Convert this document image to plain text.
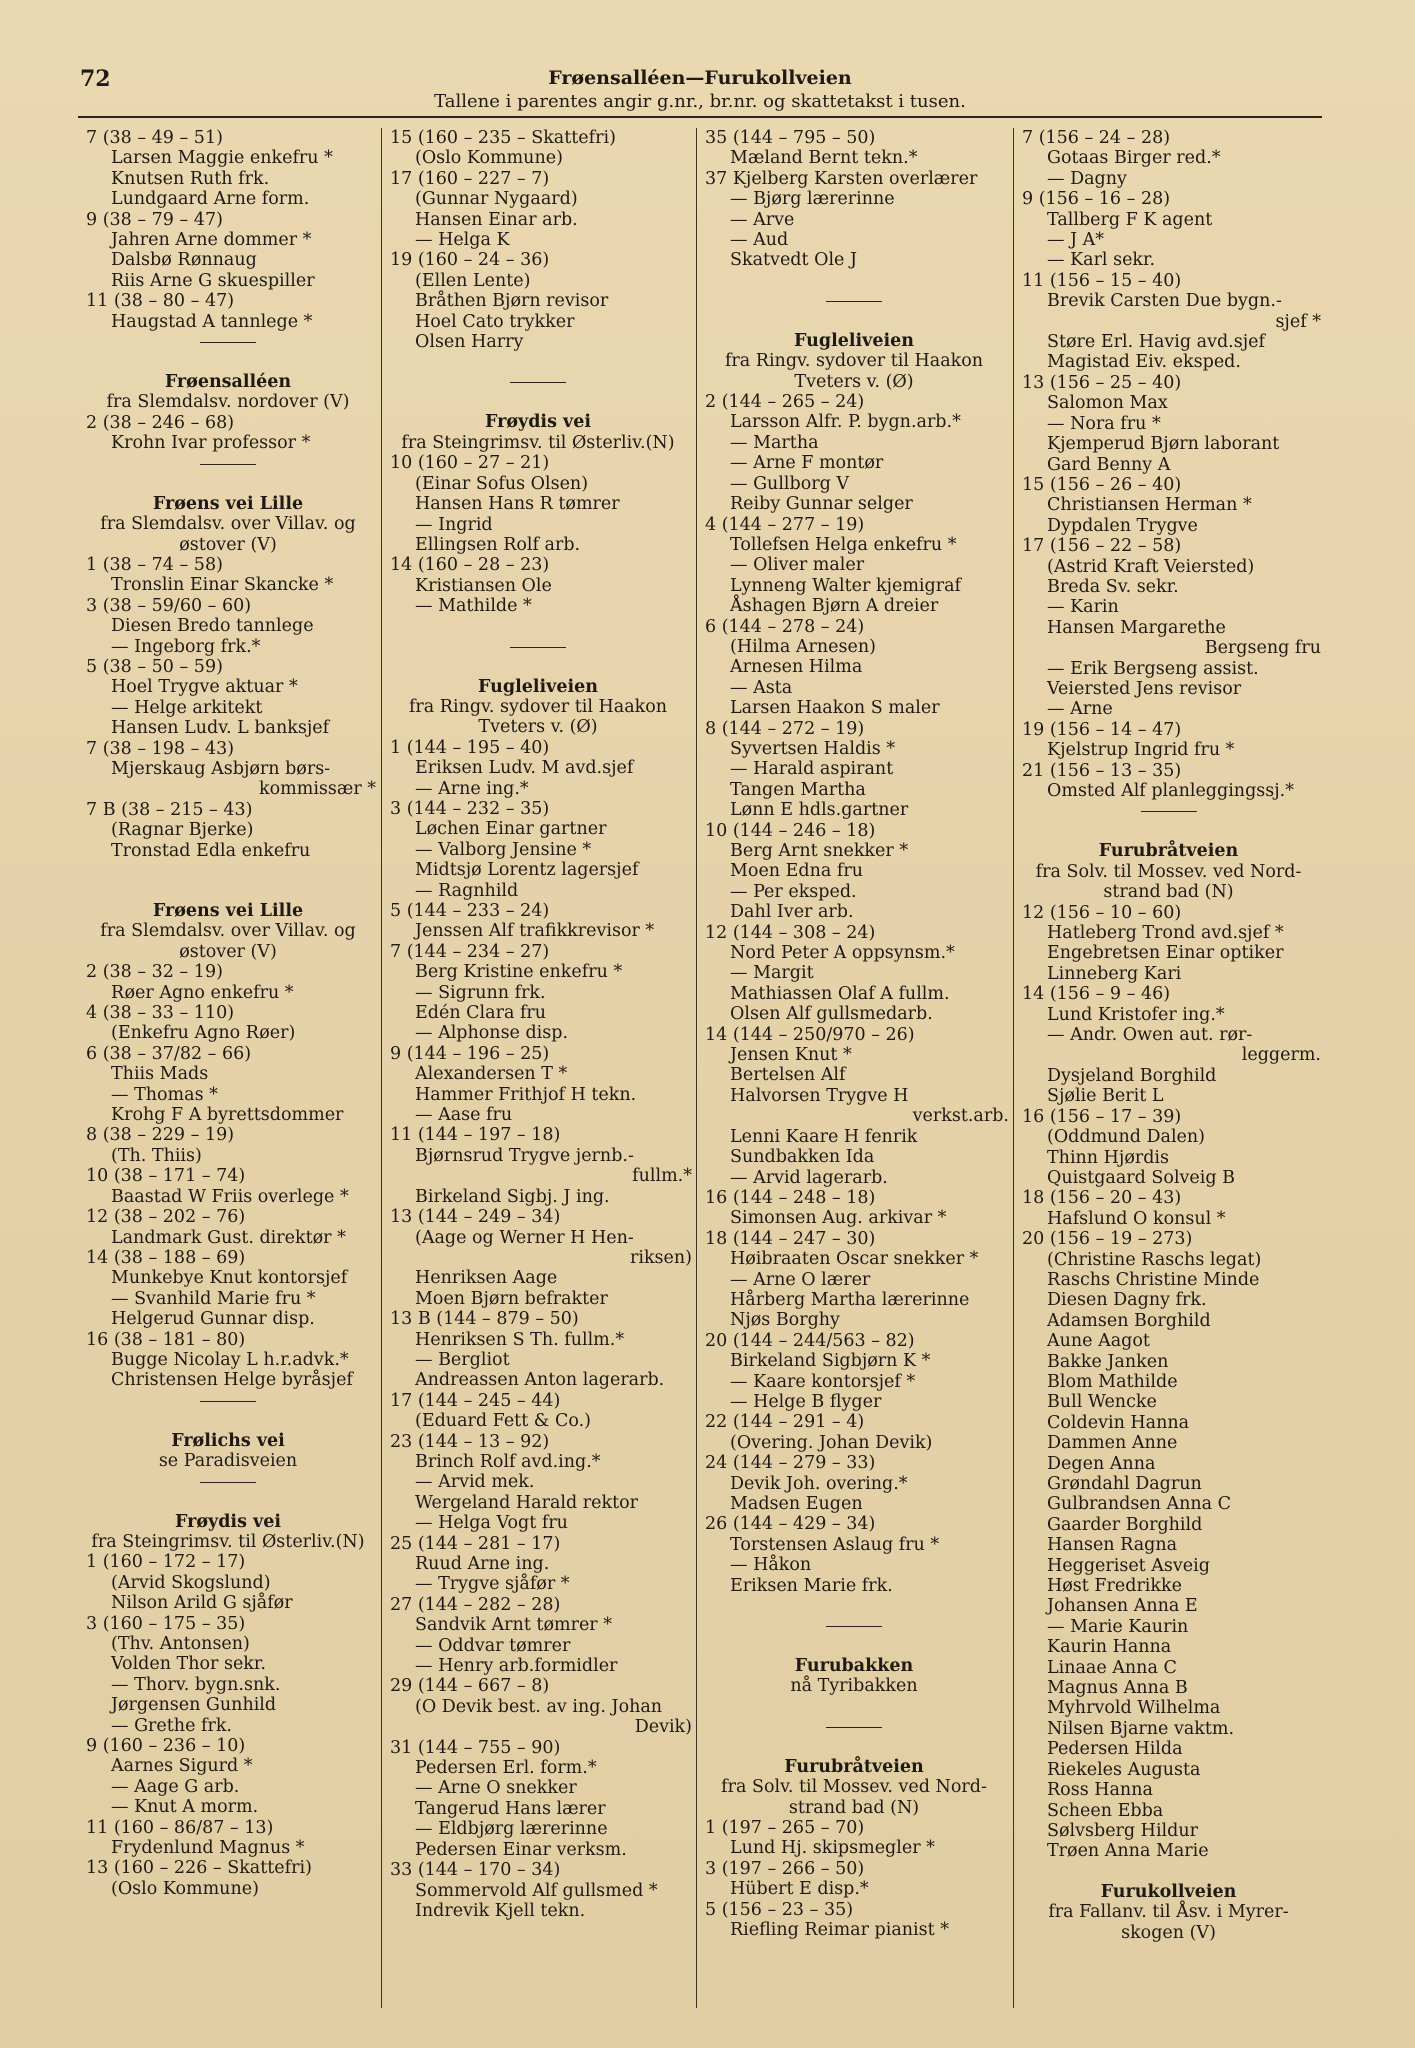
72	Frøensalléen—Furukollveien
Tallene i parentes angir g.nr., br.nr. og skattetakst i tusen.
7 (38 – 49 – 51)
Larsen Maggie enkefru *
Knutsen Ruth frk.
Lundgaard Arne form.
9 (38 – 79 – 47)
Jahren Arne dommer *
Dalsbø Rønnaug
Riis Arne G skuespiller
11 (38 – 80 – 47)
Haugstad A tannlege *
Frøensalléen
fra Slemdalsv. nordover (V)
2 (38 – 246 – 68)
Krohn Ivar professor *
Frøens vei Lille
fra Slemdalsv. over Villav. og
østover (V)
1 (38 – 74 – 58)
Tronslin Einar Skancke *
3 (38 – 59/60 – 60)
Diesen Bredo tannlege
— Ingeborg frk.*
5 (38 – 50 – 59)
Hoel Trygve aktuar *
— Helge arkitekt
Hansen Ludv. L banksjef
7 (38 – 198 – 43)
Mjerskaug Asbjørn børs-
kommissær *
7 B (38 – 215 – 43)
(Ragnar Bjerke)
Tronstad Edla enkefru
Frøens vei Lille
fra Slemdalsv. over Villav. og
østover (V)
2 (38 – 32 – 19)
Røer Agno enkefru *
4 (38 – 33 – 110)
(Enkefru Agno Røer)
6 (38 – 37/82 – 66)
Thiis Mads
— Thomas *
Krohg F A byrettsdommer
8 (38 – 229 – 19)
(Th. Thiis)
10 (38 – 171 – 74)
Baastad W Friis overlege *
12 (38 – 202 – 76)
Landmark Gust. direktør *
14 (38 – 188 – 69)
Munkebye Knut kontorsjef
— Svanhild Marie fru *
Helgerud Gunnar disp.
16 (38 – 181 – 80)
Bugge Nicolay L h.r.advk.*
Christensen Helge byråsjef
Frølichs vei
se Paradisveien
Frøydis vei
fra Steingrimsv. til Østerliv.(N)
1 (160 – 172 – 17)
(Arvid Skogslund)
Nilson Arild G sjåfør
3 (160 – 175 – 35)
(Thv. Antonsen)
Volden Thor sekr.
— Thorv. bygn.snk.
Jørgensen Gunhild
— Grethe frk.
9 (160 – 236 – 10)
Aarnes Sigurd *
— Aage G arb.
— Knut A morm.
11 (160 – 86/87 – 13)
Frydenlund Magnus *
13 (160 – 226 – Skattefri)
(Oslo Kommune)
15 (160 – 235 – Skattefri)
(Oslo Kommune)
17 (160 – 227 – 7)
(Gunnar Nygaard)
Hansen Einar arb.
— Helga K
19 (160 – 24 – 36)
(Ellen Lente)
Bråthen Bjørn revisor
Hoel Cato trykker
Olsen Harry
Frøydis vei
fra Steingrimsv. til Østerliv.(N)
10 (160 – 27 – 21)
(Einar Sofus Olsen)
Hansen Hans R tømrer
— Ingrid
Ellingsen Rolf arb.
14 (160 – 28 – 23)
Kristiansen Ole
— Mathilde *
Fugleliveien
fra Ringv. sydover til Haakon
Tveters v. (Ø)
1 (144 – 195 – 40)
Eriksen Ludv. M avd.sjef
— Arne ing.*
3 (144 – 232 – 35)
Løchen Einar gartner
— Valborg Jensine *
Midtsjø Lorentz lagersjef
— Ragnhild
5 (144 – 233 – 24)
Jenssen Alf trafikkrevisor *
7 (144 – 234 – 27)
Berg Kristine enkefru *
— Sigrunn frk.
Edén Clara fru
— Alphonse disp.
9 (144 – 196 – 25)
Alexandersen T *
Hammer Frithjof H tekn.
— Aase fru
11 (144 – 197 – 18)
Bjørnsrud Trygve jernb.-
fullm.*
Birkeland Sigbj. J ing.
13 (144 – 249 – 34)
(Aage og Werner H Hen-
riksen)
Henriksen Aage
Moen Bjørn befrakter
13 B (144 – 879 – 50)
Henriksen S Th. fullm.*
— Bergliot
Andreassen Anton lagerarb.
17 (144 – 245 – 44)
(Eduard Fett & Co.)
23 (144 – 13 – 92)
Brinch Rolf avd.ing.*
— Arvid mek.
Wergeland Harald rektor
— Helga Vogt fru
25 (144 – 281 – 17)
Ruud Arne ing.
— Trygve sjåfør *
27 (144 – 282 – 28)
Sandvik Arnt tømrer *
— Oddvar tømrer
— Henry arb.formidler
29 (144 – 667 – 8)
(O Devik best. av ing. Johan
Devik)
31 (144 – 755 – 90)
Pedersen Erl. form.*
— Arne O snekker
Tangerud Hans lærer
— Eldbjørg lærerinne
Pedersen Einar verksm.
33 (144 – 170 – 34)
Sommervold Alf gullsmed *
Indrevik Kjell tekn.
35 (144 – 795 – 50)
Mæland Bernt tekn.*
37 Kjelberg Karsten overlærer
— Bjørg lærerinne
— Arve
— Aud
Skatvedt Ole J
Fugleliveien
fra Ringv. sydover til Haakon
Tveters v. (Ø)
2 (144 – 265 – 24)
Larsson Alfr. P. bygn.arb.*
— Martha
— Arne F montør
— Gullborg V
Reiby Gunnar selger
4 (144 – 277 – 19)
Tollefsen Helga enkefru *
— Oliver maler
Lynneng Walter kjemigraf
Åshagen Bjørn A dreier
6 (144 – 278 – 24)
(Hilma Arnesen)
Arnesen Hilma
— Asta
Larsen Haakon S maler
8 (144 – 272 – 19)
Syvertsen Haldis *
— Harald aspirant
Tangen Martha
Lønn E hdls.gartner
10 (144 – 246 – 18)
Berg Arnt snekker *
Moen Edna fru
— Per eksped.
Dahl Iver arb.
12 (144 – 308 – 24)
Nord Peter A oppsynsm.*
— Margit
Mathiassen Olaf A fullm.
Olsen Alf gullsmedarb.
14 (144 – 250/970 – 26)
Jensen Knut *
Bertelsen Alf
Halvorsen Trygve H
verkst.arb.
Lenni Kaare H fenrik
Sundbakken Ida
— Arvid lagerarb.
16 (144 – 248 – 18)
Simonsen Aug. arkivar *
18 (144 – 247 – 30)
Høibraaten Oscar snekker *
— Arne O lærer
Hårberg Martha lærerinne
Njøs Borghy
20 (144 – 244/563 – 82)
Birkeland Sigbjørn K *
— Kaare kontorsjef *
— Helge B flyger
22 (144 – 291 – 4)
(Overing. Johan Devik)
24 (144 – 279 – 33)
Devik Joh. overing.*
Madsen Eugen
26 (144 – 429 – 34)
Torstensen Aslaug fru *
— Håkon
Eriksen Marie frk.
Furubakken
nå Tyribakken
Furubråtveien
fra Solv. til Mossev. ved Nord-
strand bad (N)
1 (197 – 265 – 70)
Lund Hj. skipsmegler *
3 (197 – 266 – 50)
Hübert E disp.*
5 (156 – 23 – 35)
Riefling Reimar pianist *
7 (156 – 24 – 28)
Gotaas Birger red.*
— Dagny
9 (156 – 16 – 28)
Tallberg F K agent
— J A*
— Karl sekr.
11 (156 – 15 – 40)
Brevik Carsten Due bygn.-
sjef *
Støre Erl. Havig avd.sjef
Magistad Eiv. eksped.
13 (156 – 25 – 40)
Salomon Max
— Nora fru *
Kjemperud Bjørn laborant
Gard Benny A
15 (156 – 26 – 40)
Christiansen Herman *
Dypdalen Trygve
17 (156 – 22 – 58)
(Astrid Kraft Veiersted)
Breda Sv. sekr.
— Karin
Hansen Margarethe
Bergseng fru
— Erik Bergseng assist.
Veiersted Jens revisor
— Arne
19 (156 – 14 – 47)
Kjelstrup Ingrid fru *
21 (156 – 13 – 35)
Omsted Alf planleggingssj.*
Furubråtveien
fra Solv. til Mossev. ved Nord-
strand bad (N)
12 (156 – 10 – 60)
Hatleberg Trond avd.sjef *
Engebretsen Einar optiker
Linneberg Kari
14 (156 – 9 – 46)
Lund Kristofer ing.*
— Andr. Owen aut. rør-
leggerm.
Dysjeland Borghild
Sjølie Berit L
16 (156 – 17 – 39)
(Oddmund Dalen)
Thinn Hjørdis
Quistgaard Solveig B
18 (156 – 20 – 43)
Hafslund O konsul *
20 (156 – 19 – 273)
(Christine Raschs legat)
Raschs Christine Minde
Diesen Dagny frk.
Adamsen Borghild
Aune Aagot
Bakke Janken
Blom Mathilde
Bull Wencke
Coldevin Hanna
Dammen Anne
Degen Anna
Grøndahl Dagrun
Gulbrandsen Anna C
Gaarder Borghild
Hansen Ragna
Heggeriset Asveig
Høst Fredrikke
Johansen Anna E
— Marie Kaurin
Kaurin Hanna
Linaae Anna C
Magnus Anna B
Myhrvold Wilhelma
Nilsen Bjarne vaktm.
Pedersen Hilda
Riekeles Augusta
Ross Hanna
Scheen Ebba
Sølvsberg Hildur
Trøen Anna Marie
Furukollveien
fra Fallanv. til Åsv. i Myrer-
skogen (V)
